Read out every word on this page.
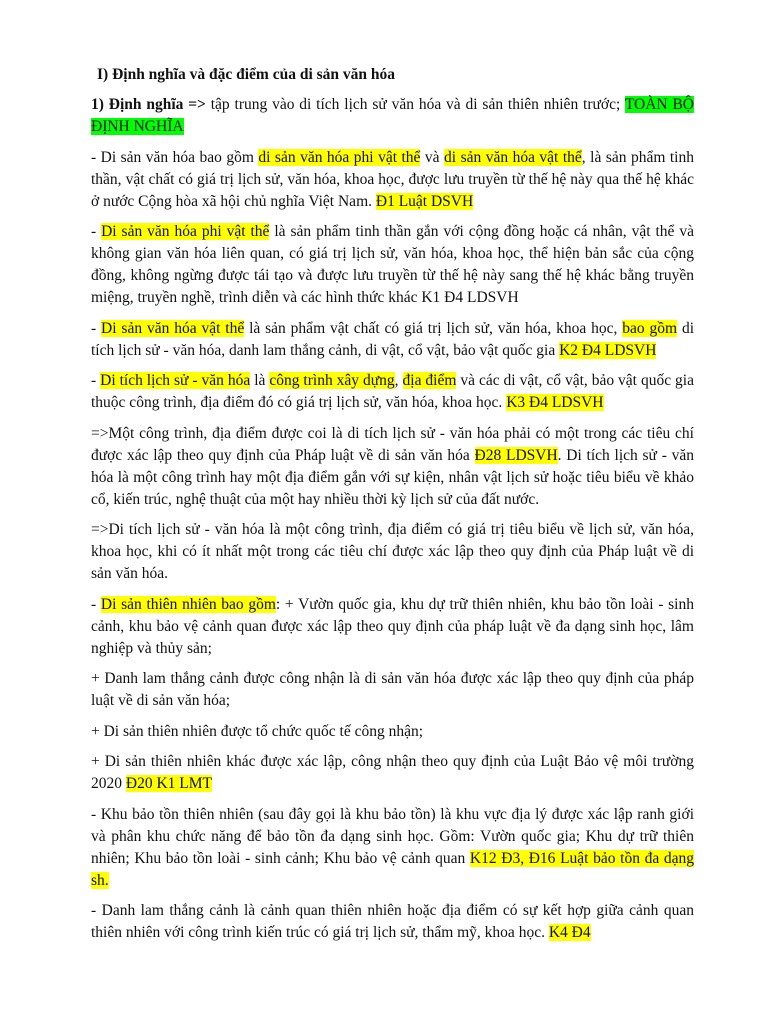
I) Định nghĩa và đặc điểm của di sản văn hóa

1) Định nghĩa => tập trung vào di tích lịch sử văn hóa và di sản thiên nhiên trước; TOÀN BỘ ĐỊNH NGHĨA

- Di sản văn hóa bao gồm di sản văn hóa phi vật thể và di sản văn hóa vật thể, là sản phẩm tinh thần, vật chất có giá trị lịch sử, văn hóa, khoa học, được lưu truyền từ thế hệ này qua thế hệ khác ở nước Cộng hòa xã hội chủ nghĩa Việt Nam. Đ1 Luật DSVH

- Di sản văn hóa phi vật thể là sản phẩm tinh thần gắn với cộng đồng hoặc cá nhân, vật thể và không gian văn hóa liên quan, có giá trị lịch sử, văn hóa, khoa học, thể hiện bản sắc của cộng đồng, không ngừng được tái tạo và được lưu truyền từ thế hệ này sang thế hệ khác bằng truyền miệng, truyền nghề, trình diễn và các hình thức khác K1 Đ4 LDSVH

- Di sản văn hóa vật thể là sản phẩm vật chất có giá trị lịch sử, văn hóa, khoa học, bao gồm di tích lịch sử - văn hóa, danh lam thắng cảnh, di vật, cổ vật, bảo vật quốc gia K2 Đ4 LDSVH

- Di tích lịch sử - văn hóa là công trình xây dựng, địa điểm và các di vật, cổ vật, bảo vật quốc gia thuộc công trình, địa điểm đó có giá trị lịch sử, văn hóa, khoa học. K3 Đ4 LDSVH

=>Một công trình, địa điểm được coi là di tích lịch sử - văn hóa phải có một trong các tiêu chí được xác lập theo quy định của Pháp luật về di sản văn hóa Đ28 LDSVH. Di tích lịch sử - văn hóa là một công trình hay một địa điểm gắn với sự kiện, nhân vật lịch sử hoặc tiêu biểu về khảo cổ, kiến trúc, nghệ thuật của một hay nhiều thời kỳ lịch sử của đất nước.

=>Di tích lịch sử - văn hóa là một công trình, địa điểm có giá trị tiêu biểu về lịch sử, văn hóa, khoa học, khi có ít nhất một trong các tiêu chí được xác lập theo quy định của Pháp luật về di sản văn hóa.

- Di sản thiên nhiên bao gồm: + Vườn quốc gia, khu dự trữ thiên nhiên, khu bảo tồn loài - sinh cảnh, khu bảo vệ cảnh quan được xác lập theo quy định của pháp luật về đa dạng sinh học, lâm nghiệp và thủy sản;

+ Danh lam thắng cảnh được công nhận là di sản văn hóa được xác lập theo quy định của pháp luật về di sản văn hóa;

+ Di sản thiên nhiên được tổ chức quốc tế công nhận;

+ Di sản thiên nhiên khác được xác lập, công nhận theo quy định của Luật Bảo vệ môi trường 2020 Đ20 K1 LMT

- Khu bảo tồn thiên nhiên (sau đây gọi là khu bảo tồn) là khu vực địa lý được xác lập ranh giới và phân khu chức năng để bảo tồn đa dạng sinh học. Gồm: Vườn quốc gia; Khu dự trữ thiên nhiên; Khu bảo tồn loài - sinh cảnh; Khu bảo vệ cảnh quan K12 Đ3, Đ16 Luật bảo tồn đa dạng sh.

- Danh lam thắng cảnh là cảnh quan thiên nhiên hoặc địa điểm có sự kết hợp giữa cảnh quan thiên nhiên với công trình kiến trúc có giá trị lịch sử, thẩm mỹ, khoa học. K4 Đ4
